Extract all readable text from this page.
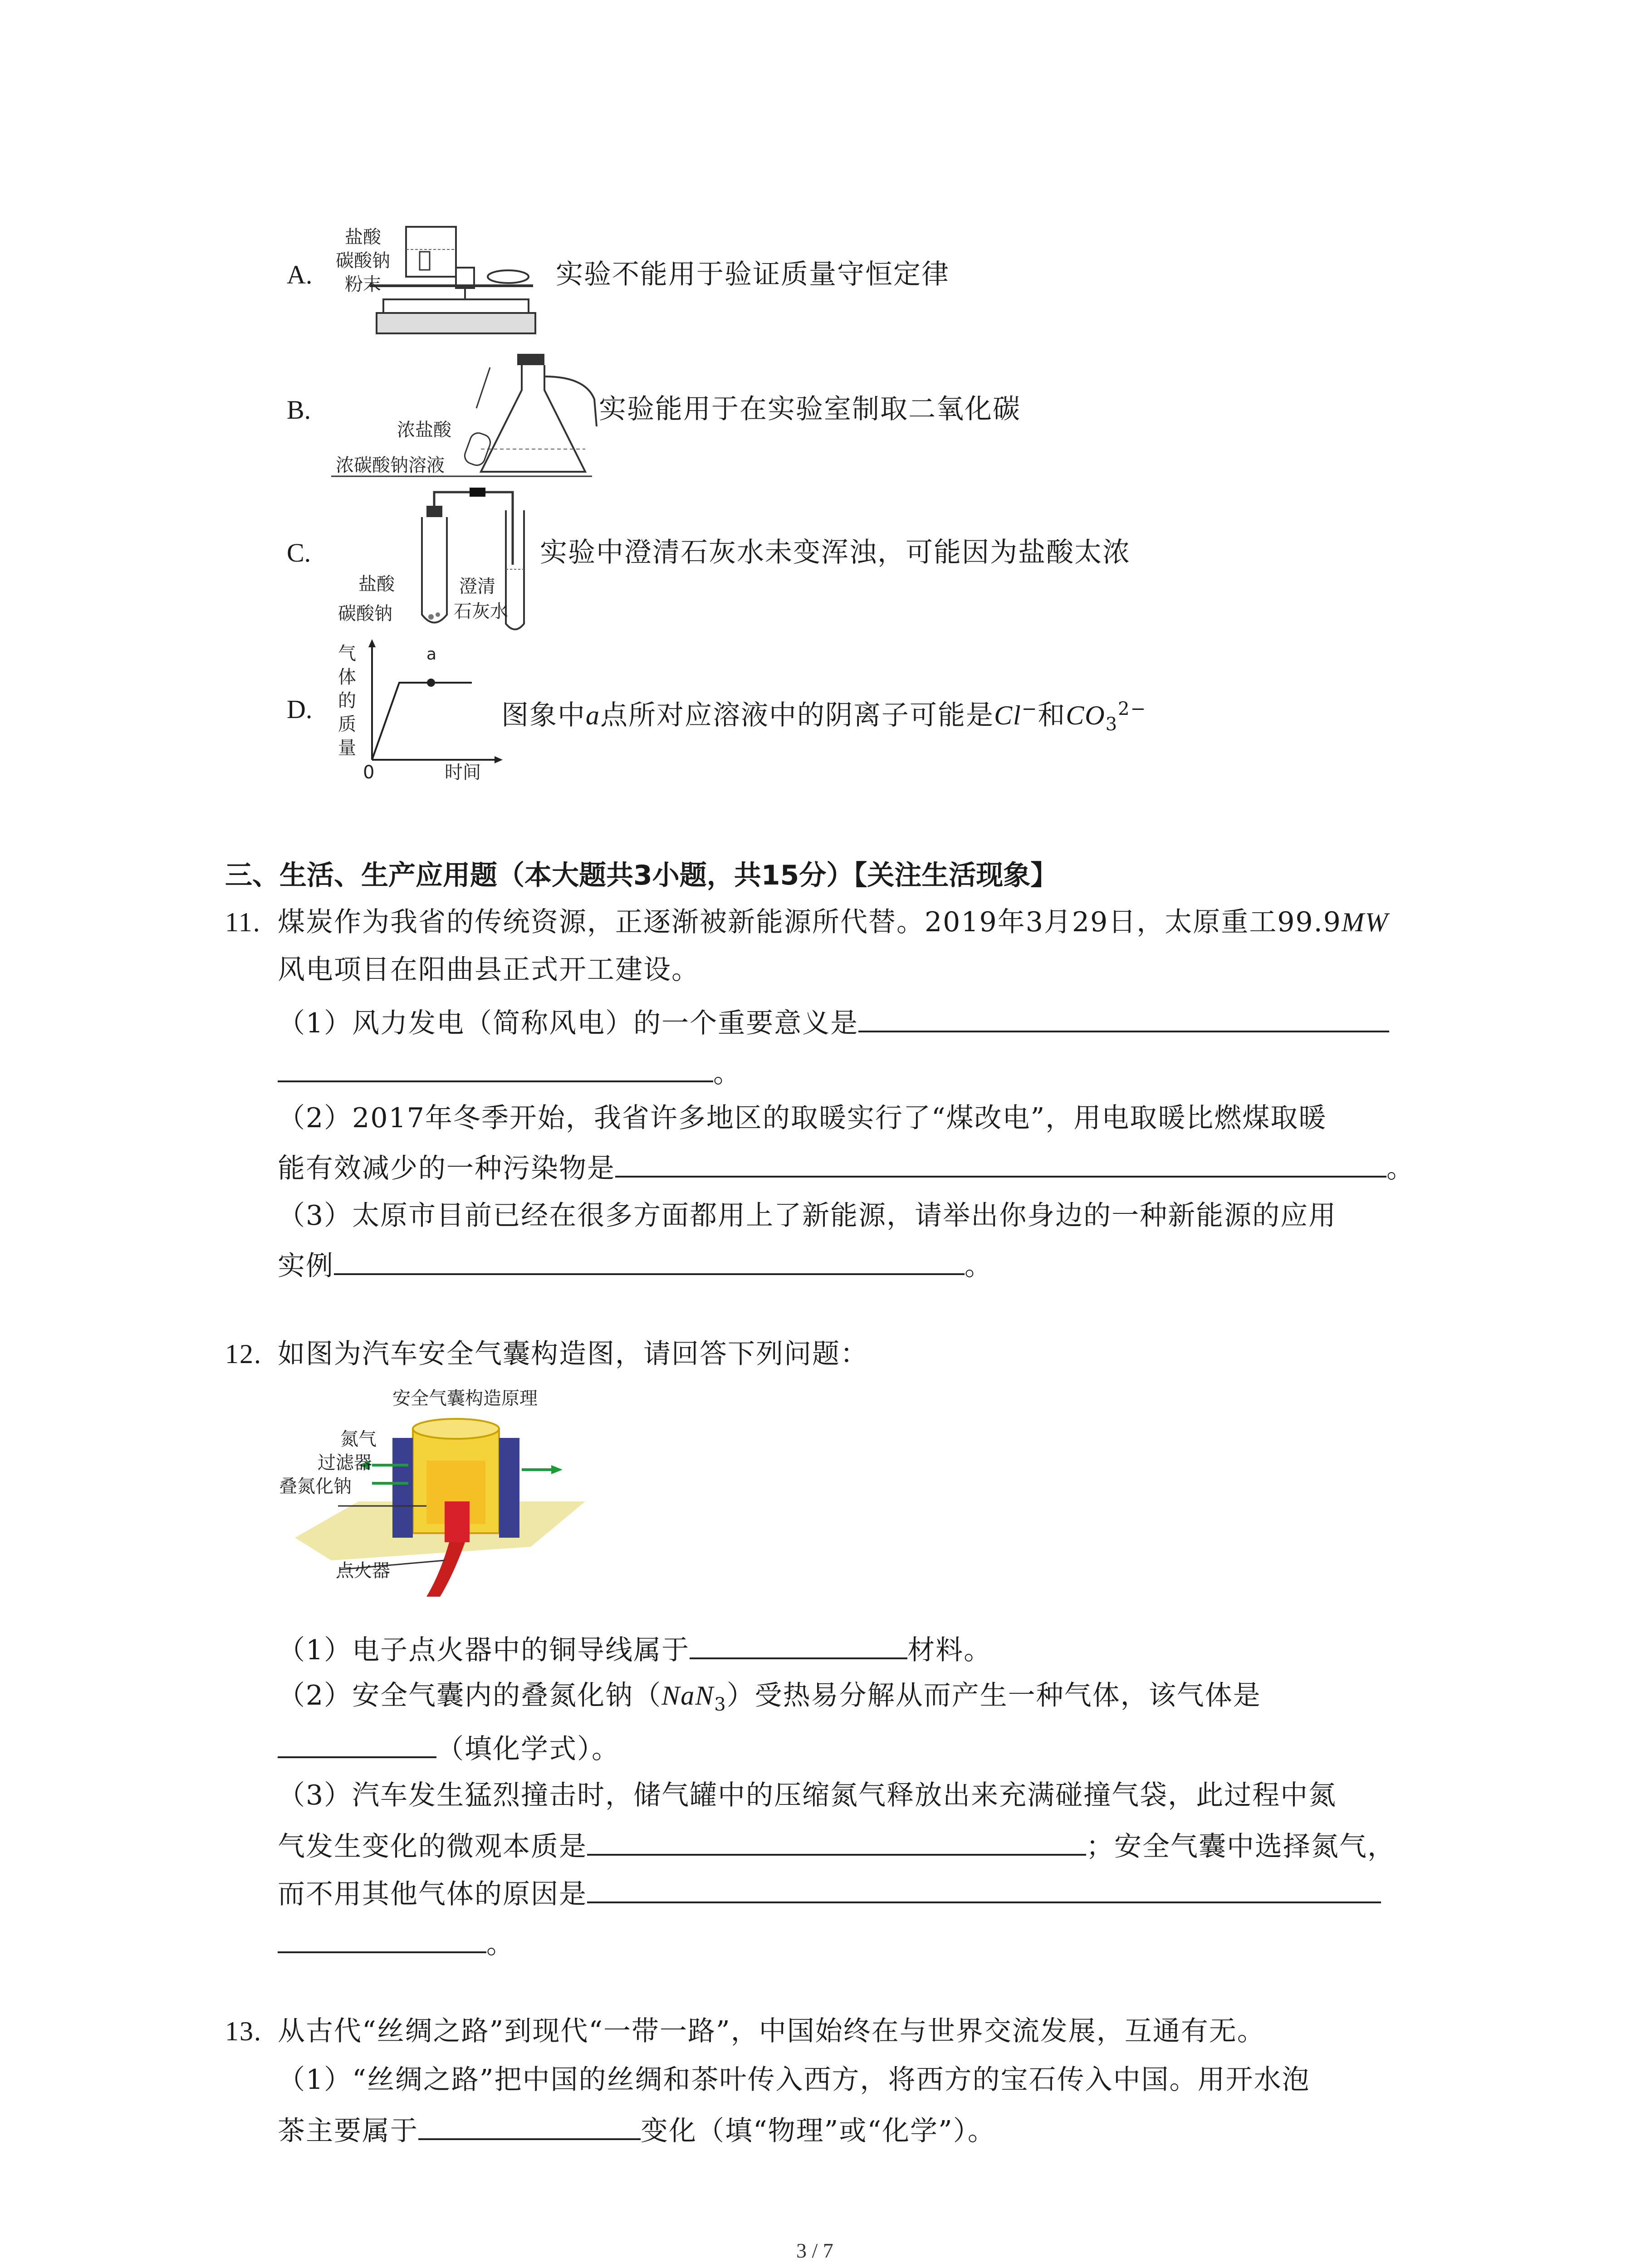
A.
盐酸
碳酸钠
粉末	实验不能用于验证质量守恒定律
B.
浓盐酸
浓碳酸钠溶液
实验能用于在实验室制取二氧化碳
C.
盐酸
碳酸钠
澄清
石灰水
实验中澄清石灰水未变浑浊，可能因为盐酸太浓
D.
气
体
的
质
量
a
0	时间
图象中a点所对应溶液中的阴离子可能是Cl−和$CO_3^{2-}$
三、生活、生产应用题（本大题共3小题，共15分）【关注生活现象】
11. 煤炭作为我省的传统资源，正逐渐被新能源所代替。2019年3月29日，太原重工99.9MW
风电项目在阳曲县正式开工建设。
（1）风力发电（简称风电）的一个重要意义是
。
（2）2017年冬季开始，我省许多地区的取暖实行了“煤改电”，用电取暖比燃煤取暖
能有效减少的一种污染物是	。
（3）太原市目前已经在很多方面都用上了新能源，请举出你身边的一种新能源的应用
实例	。
12. 如图为汽车安全气囊构造图，请回答下列问题：
安全气囊构造原理
氮气
过滤器
叠氮化钠
点火器
（1）电子点火器中的铜导线属于	材料。
（2）安全气囊内的叠氮化钠（NaN$_3$）受热易分解从而产生一种气体，该气体是
（填化学式）。
（3）汽车发生猛烈撞击时，储气罐中的压缩氮气释放出来充满碰撞气袋，此过程中氮
气发生变化的微观本质是	；安全气囊中选择氮气，
而不用其他气体的原因是
。
13. 从古代“丝绸之路”到现代“一带一路”，中国始终在与世界交流发展，互通有无。
（1）“丝绸之路”把中国的丝绸和茶叶传入西方，将西方的宝石传入中国。用开水泡
茶主要属于	变化（填“物理”或“化学”）。
3 / 7
